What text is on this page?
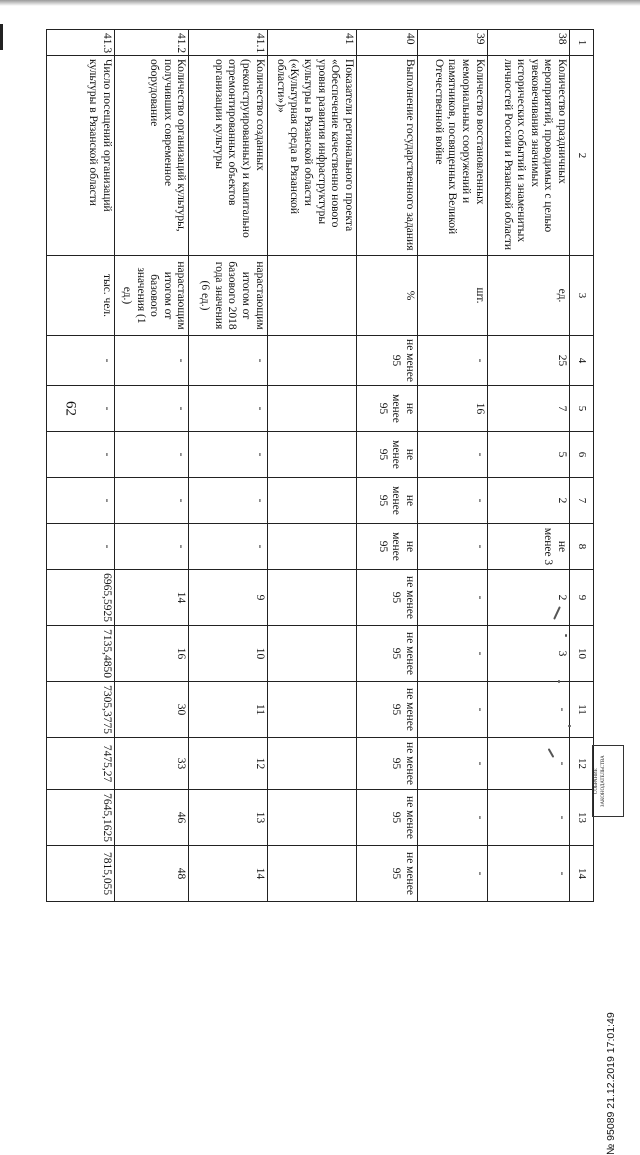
62
1	2	3	4	5	6	7	8	9	10	11	12	13	14
38	Количество праздничных мероприятий, проводимых с целью увековечивания значимых исторических событий и знаменитых личностей России и Рязанской области	ед.	25	7	5	2	не менее 3	2	3	-	-	-	-
39	Количество восстановленных мемориальных сооружений и памятников, посвященных Великой Отечественной войне	шт.	-	16	-	-	-	-	-	-	-	-	-
40	Выполнение государственного задания	%	не менее 95	не менее 95	не менее 95	не менее 95	не менее 95	не менее 95	не менее 95	не менее 95	не менее 95	не менее 95	не менее 95
41	Показатели регионального проекта «Обеспечение качественно нового уровня развития инфраструктуры культуры в Рязанской области («Культурная среда в Рязанской области»)»												
41.1	Количество созданных (реконструированных) и капитально отремонтированных объектов организации культуры	нарастающим итогом от базового 2018 года значения (6 ед.)	-	-	-	-	-	9	10	11	12	13	14
41.2	Количество организаций культуры, получивших современное оборудование	нарастающим итогом от базового значения (1 ед.)	-	-	-	-	-	14	16	30	33	46	48
41.3	Число посещений организаций культуры в Рязанской области	тыс. чел.	-	-	-	-	-	6965,5925	7135,4850	7305,3775	7475,27	7645,1625	7815,055
СОБРАНИЕ ЗАКОНОДАТЕЛЬСТВА
№ 95089 21.12.2019 17:01:49
